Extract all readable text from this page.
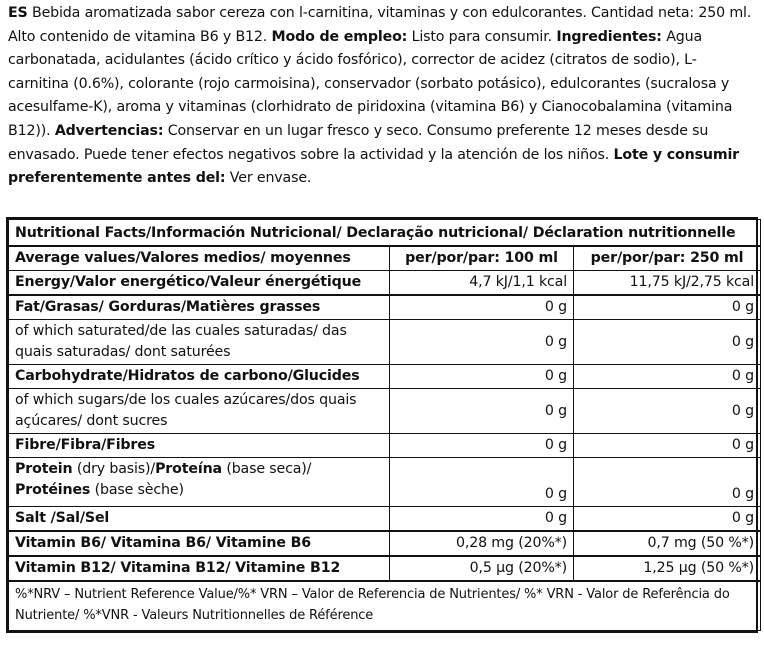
ES Bebida aromatizada sabor cereza con l-carnitina, vitaminas y con edulcorantes. Cantidad neta: 250 ml. Alto contenido de vitamina B6 y B12. Modo de empleo: Listo para consumir. Ingredientes: Agua carbonatada, acidulantes (ácido crítico y ácido fosfórico), corrector de acidez (citratos de sodio), L- carnitina (0.6%), colorante (rojo carmoisina), conservador (sorbato potásico), edulcorantes (sucralosa y acesulfame-K), aroma y vitaminas (clorhidrato de piridoxina (vitamina B6) y Cianocobalamina (vitamina B12)). Advertencias: Conservar en un lugar fresco y seco. Consumo preferente 12 meses desde su envasado. Puede tener efectos negativos sobre la actividad y la atención de los niños. Lote y consumir preferentemente antes del: Ver envase.
Nutritional Facts/Información Nutricional/ Declaração nutricional/ Déclaration nutritionnelle		
Average values/Valores medios/ moyennes	per/por/par: 100 ml	per/por/par: 250 ml
Energy/Valor energético/Valeur énergétique	4,7 kJ/1,1 kcal	11,75 kJ/2,75 kcal
Fat/Grasas/ Gorduras/Matières grasses	0 g	0 g
of which saturated/de las cuales saturadas/ das quais saturadas/ dont saturées	0 g	0 g
Carbohydrate/Hidratos de carbono/Glucides	0 g	0 g
of which sugars/de los cuales azúcares/dos quais açúcares/ dont sucres	0 g	0 g
Fibre/Fibra/Fibres	0 g	0 g
Protein (dry basis)/Proteína (base seca)/
Protéines (base sèche)	0 g	0 g
Salt /Sal/Sel	0 g	0 g
Vitamin B6/ Vitamina B6/ Vitamine B6	0,28 mg (20%*)	0,7 mg (50 %*)
Vitamin B12/ Vitamina B12/ Vitamine B12	0,5 µg (20%*)	1,25 µg (50 %*)
%*NRV – Nutrient Reference Value/%* VRN – Valor de Referencia de Nutrientes/ %* VRN - Valor de Referência do Nutriente/ %*VNR - Valeurs Nutritionnelles de Référence		
